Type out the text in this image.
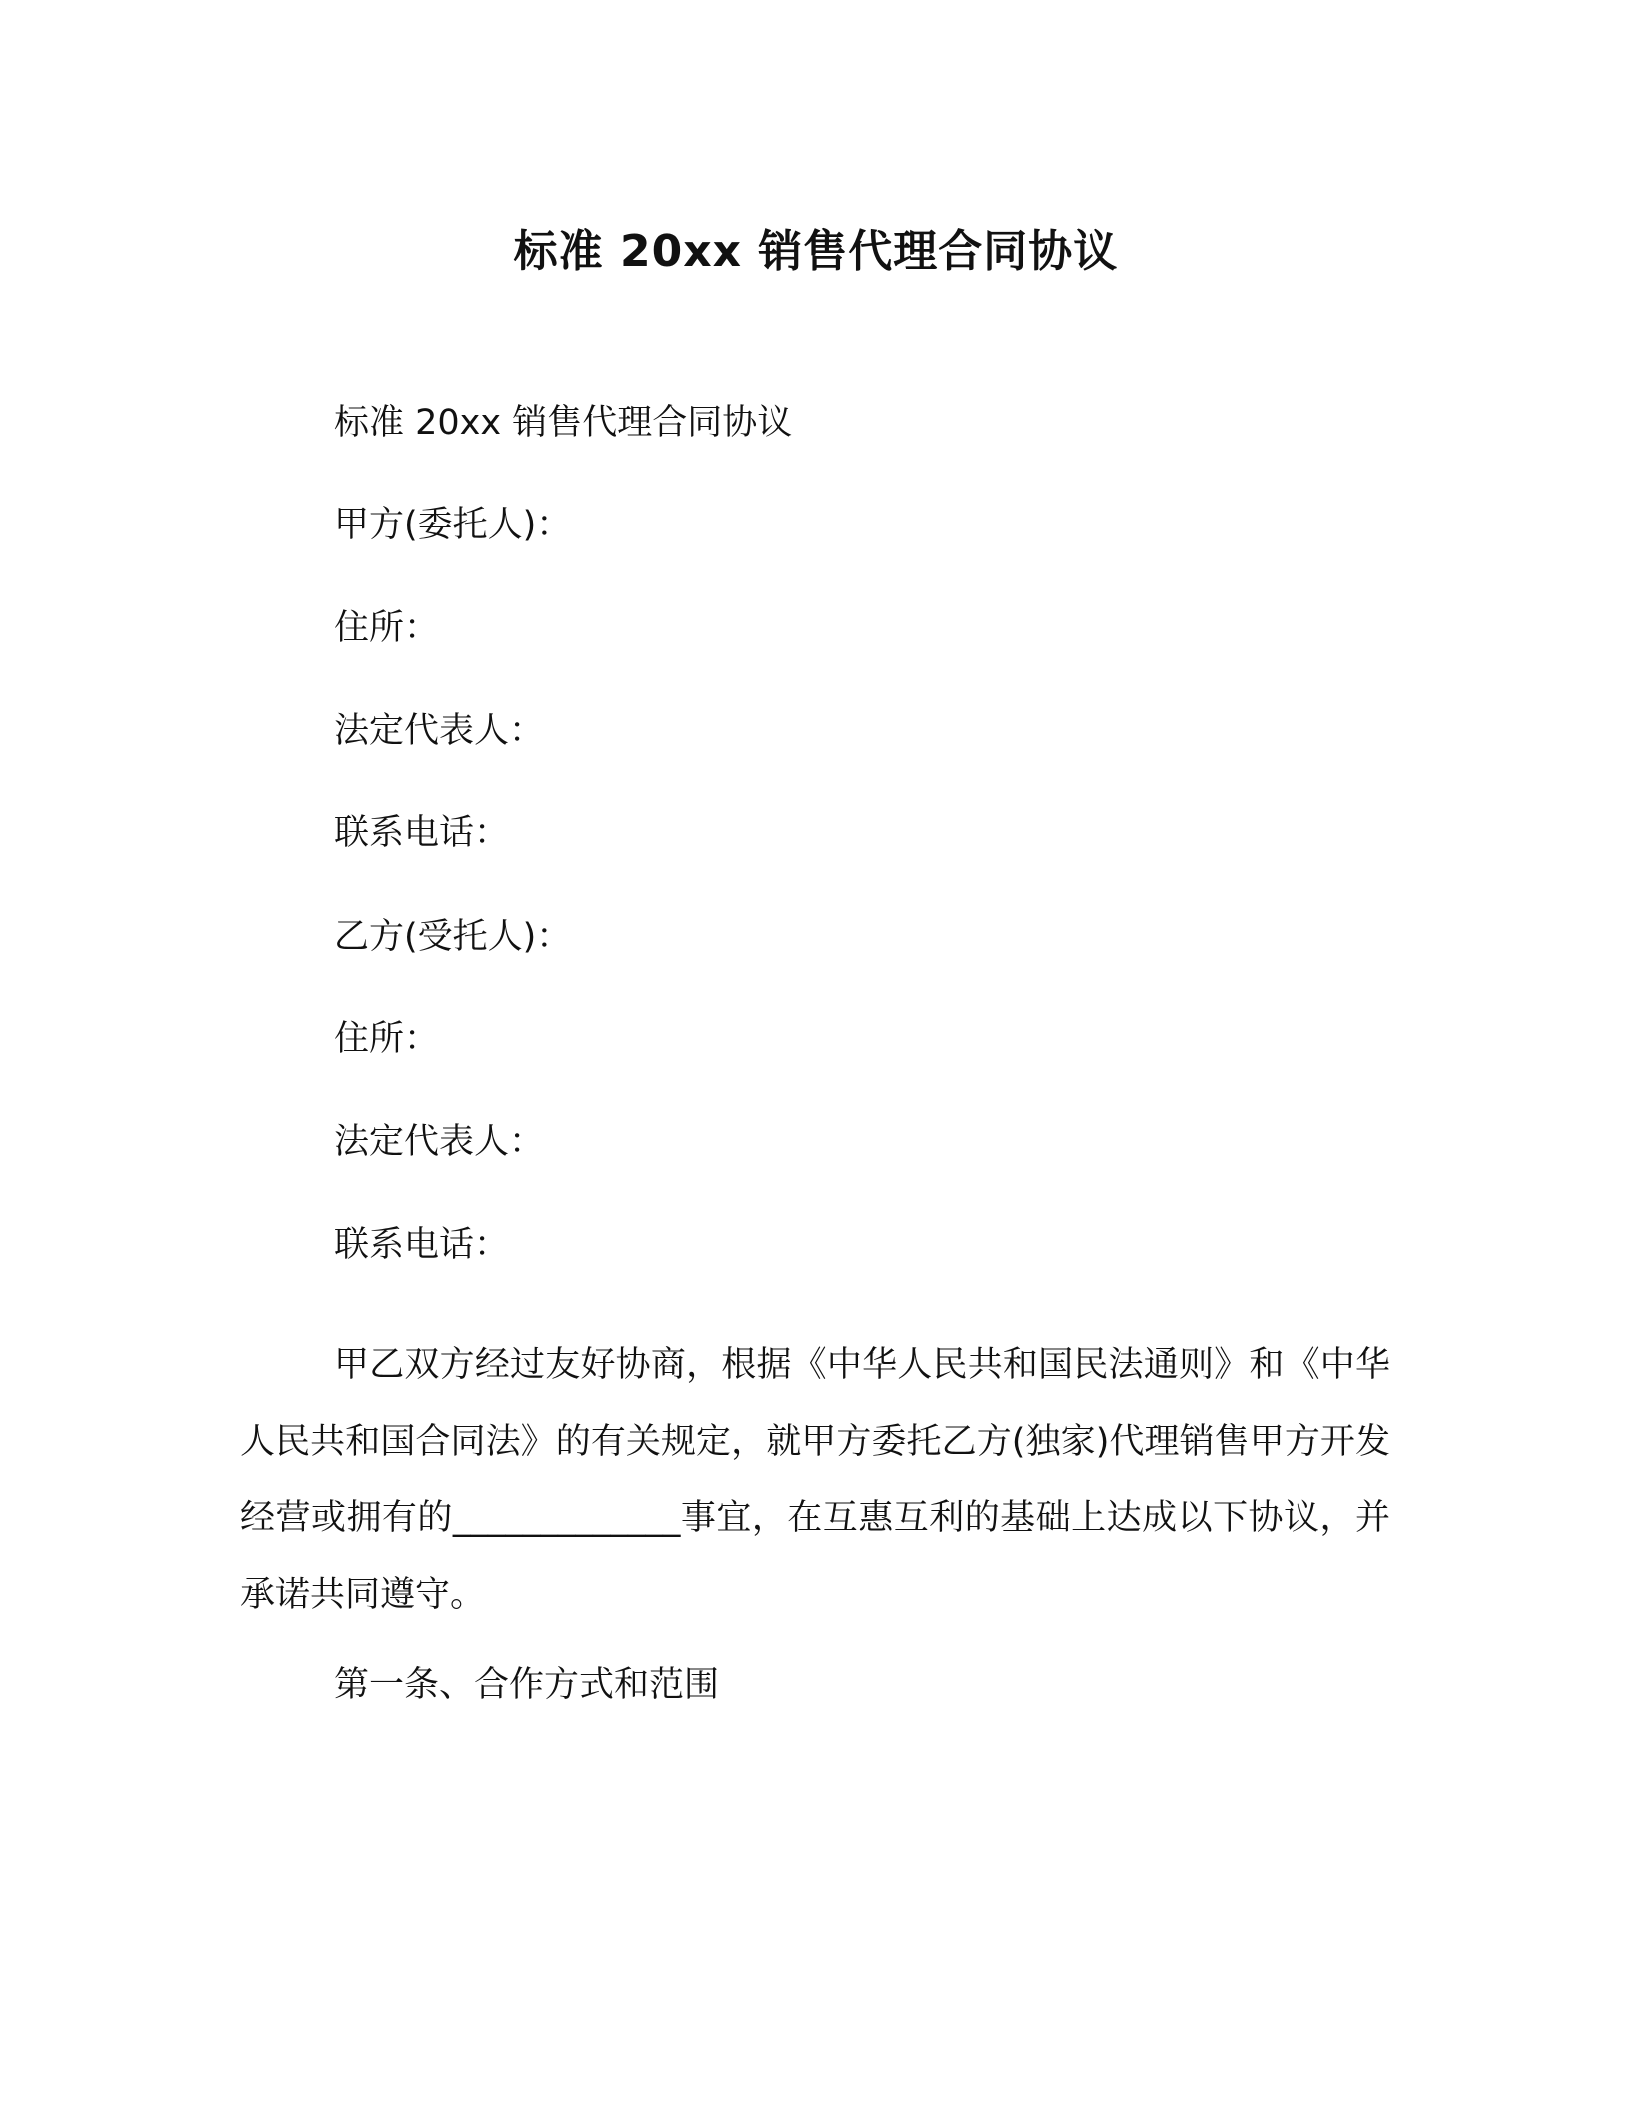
标准 20xx 销售代理合同协议
标准 20xx 销售代理合同协议
甲方(委托人)：
住所：
法定代表人：
联系电话：
乙方(受托人)：
住所：
法定代表人：
联系电话：
甲乙双方经过友好协商，根据《中华人民共和国民法通则》和《中华人民共和国合同法》的有关规定，就甲方委托乙方(独家)代理销售甲方开发经营或拥有的_____________事宜，在互惠互利的基础上达成以下协议，并承诺共同遵守。
第一条、合作方式和范围
